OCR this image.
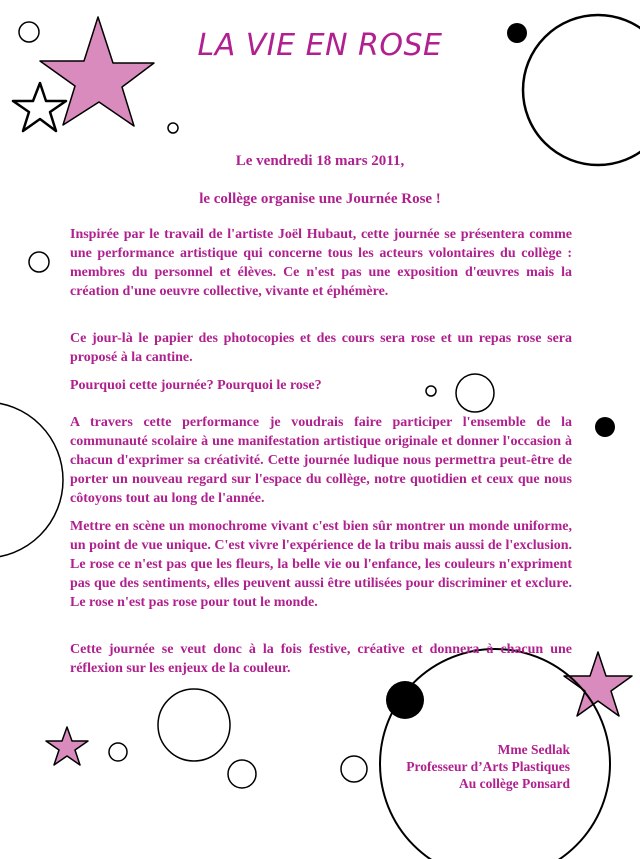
LA VIE EN ROSE

Le vendredi 18 mars 2011,

le collège organise une Journée Rose !

Inspirée par le travail de l'artiste Joël Hubaut, cette journée se présentera comme une performance artistique qui concerne tous les acteurs volontaires du collège : membres du personnel et élèves. Ce n'est pas une exposition d'œuvres mais la création d'une oeuvre collective, vivante et éphémère.

Ce jour-là le papier des photocopies et des cours sera rose et un repas rose sera proposé à la cantine.

Pourquoi cette journée? Pourquoi le rose?

A travers cette performance je voudrais faire participer l'ensemble de la communauté scolaire à une manifestation artistique originale et donner l'occasion à chacun d'exprimer sa créativité. Cette journée ludique nous permettra peut-être de porter un nouveau regard sur l'espace du collège, notre quotidien et ceux que nous côtoyons tout au long de l'année.

Mettre en scène un monochrome vivant c'est bien sûr montrer un monde uniforme, un point de vue unique. C'est vivre l'expérience de la tribu mais aussi de l'exclusion. Le rose ce n'est pas que les fleurs, la belle vie ou l'enfance, les couleurs n'expriment pas que des sentiments, elles peuvent aussi être utilisées pour discriminer et exclure. Le rose n'est pas rose pour tout le monde.

Cette journée se veut donc à la fois festive, créative et donnera à chacun une réflexion sur les enjeux de la couleur.

Mme Sedlak
Professeur d’Arts Plastiques
Au collège Ponsard
